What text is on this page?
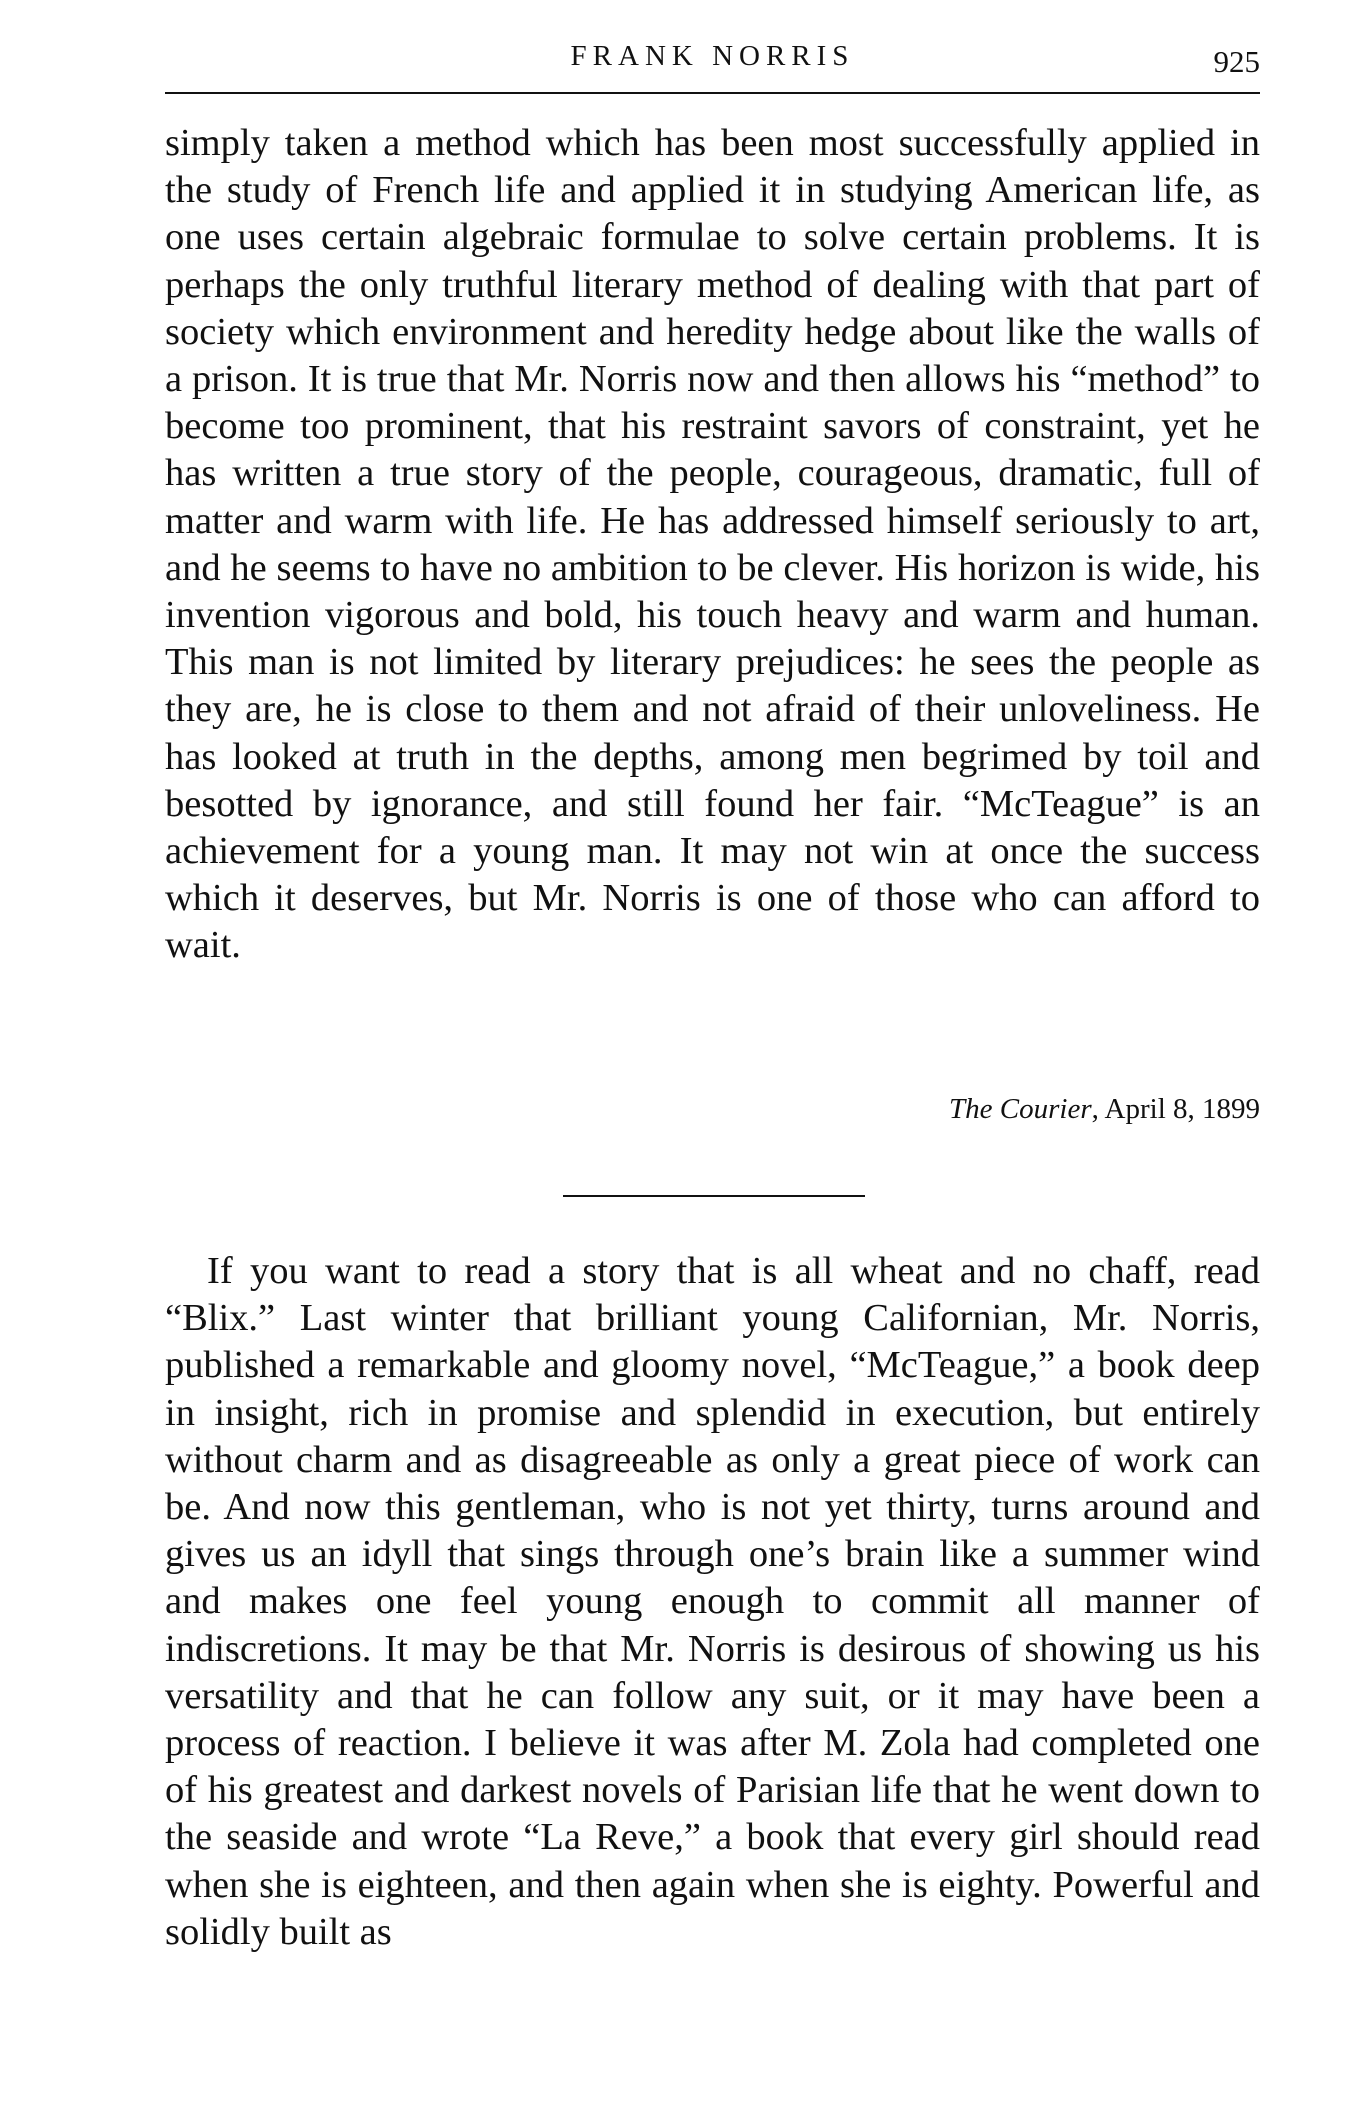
FRANK NORRIS	925

simply taken a method which has been most successfully applied in the study of French life and applied it in studying American life, as one uses certain algebraic formulae to solve certain problems. It is perhaps the only truthful literary method of dealing with that part of society which environment and heredity hedge about like the walls of a prison. It is true that Mr. Norris now and then allows his “method” to become too prominent, that his restraint savors of constraint, yet he has written a true story of the people, courageous, dramatic, full of matter and warm with life. He has addressed himself seriously to art, and he seems to have no ambition to be clever. His horizon is wide, his invention vigorous and bold, his touch heavy and warm and human. This man is not limited by literary prejudices: he sees the people as they are, he is close to them and not afraid of their unloveliness. He has looked at truth in the depths, among men begrimed by toil and besotted by ignorance, and still found her fair. “McTeague” is an achievement for a young man. It may not win at once the success which it deserves, but Mr. Norris is one of those who can afford to wait.

The Courier, April 8, 1899

If you want to read a story that is all wheat and no chaff, read “Blix.” Last winter that brilliant young Californian, Mr. Norris, published a remarkable and gloomy novel, “McTeague,” a book deep in insight, rich in promise and splendid in execution, but entirely without charm and as disagreeable as only a great piece of work can be. And now this gentleman, who is not yet thirty, turns around and gives us an idyll that sings through one’s brain like a summer wind and makes one feel young enough to commit all manner of indiscretions. It may be that Mr. Norris is desirous of showing us his versatility and that he can follow any suit, or it may have been a process of reaction. I believe it was after M. Zola had completed one of his greatest and darkest novels of Parisian life that he went down to the seaside and wrote “La Reve,” a book that every girl should read when she is eighteen, and then again when she is eighty. Powerful and solidly built as
